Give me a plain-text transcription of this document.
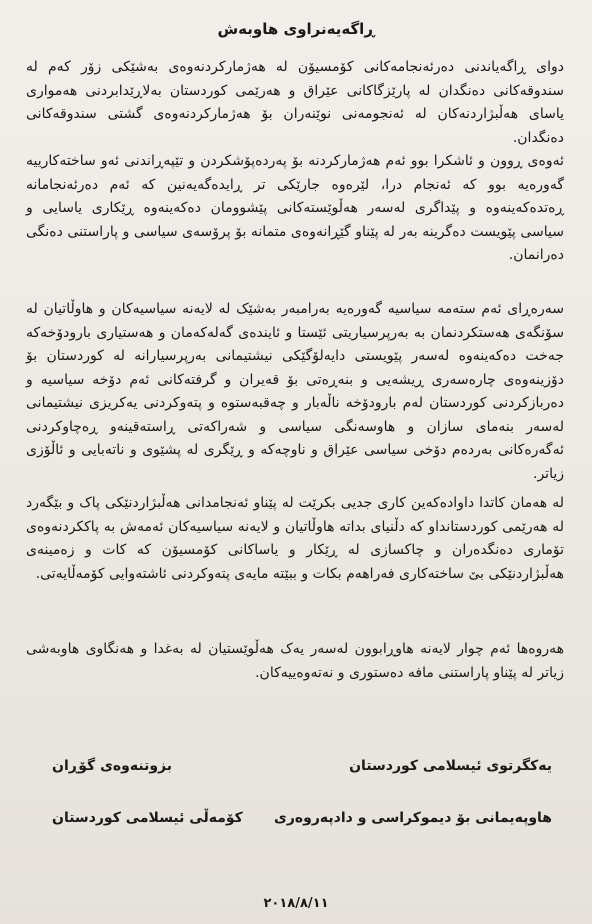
ڕاگەیەنراوی هاوبەش

دوای ڕاگەیاندنی دەرئەنجامەکانی کۆمسیۆن لە هەژمارکردنەوەی بەشێکی زۆر کەم لە سندوقەکانی دەنگدان لە پارێزگاکانی عێراق و هەرێمی کوردستان بەلاڕێدابردنی هەمواری یاسای هەڵبژاردنەکان لە ئەنجومەنی نوێنەران بۆ هەژمارکردنەوەی گشتی سندوقەکانی دەنگدان.

ئەوەی ڕوون و ئاشکرا بوو ئەم هەژمارکردنە بۆ پەردەپۆشکردن و تێپەڕاندنی ئەو ساختەکارییە گەورەیە بوو کە ئەنجام درا، لێرەوە جارێکی تر ڕایدەگەیەنین کە ئەم دەرئەنجامانە ڕەتدەکەینەوە و پێداگری لەسەر هەڵوێستەکانی پێشوومان دەکەینەوە ڕێکاری یاسایی و سیاسی پێویست دەگرینە بەر لە پێناو گێڕانەوەی متمانە بۆ پرۆسەی سیاسی و پاراستنی دەنگی دەرانمان.

سەرەڕای ئەم ستەمە سیاسیە گەورەیە بەرامبەر بەشێک لە لایەنە سیاسیەکان و هاوڵاتیان لە سۆنگەی هەستکردنمان بە بەرپرسیاریتی ئێستا و ئایندەی گەلەکەمان و هەستیاری بارودۆخەکە جەخت دەکەینەوە لەسەر پێویستی دایەلۆگێکی نیشتیمانی بەرپرسیارانە لە کوردستان بۆ دۆزینەوەی چارەسەری ڕیشەیی و بنەڕەتی بۆ قەیران و گرفتەکانی ئەم دۆخە سیاسیە و دەربازکردنی کوردستان لەم بارودۆخە ناڵەبار و چەقبەستوە و پتەوکردنی یەکریزی نیشتیمانی لەسەر بنەمای سازان و هاوسەنگی سیاسی و شەراکەتی ڕاستەقینەو ڕەچاوکردنی ئەگەرەکانی بەردەم دۆخی سیاسی عێراق و ناوچەکە و ڕێگری لە پشێوی و ناتەبایی و ئاڵۆزی زیاتر.

لە هەمان کاتدا داوادەکەین کاری جدیی بکرێت لە پێناو ئەنجامدانی هەڵبژاردنێکی پاک و بێگەرد لە هەرێمی کوردستانداو کە دڵنیای بداتە هاوڵاتیان و لایەنە سیاسیەکان ئەمەش بە پاککردنەوەی تۆماری دەنگدەران و چاکسازی لە ڕێکار و یاساکانی کۆمسیۆن کە کات و زەمینەی هەڵبژاردنێکی بێ ساختەکاری فەراهەم بکات و ببێتە مایەی پتەوکردنی ئاشتەوایی کۆمەڵایەتی.

هەروەها ئەم چوار لایەنە هاوڕابوون لەسەر یەک هەڵوێستیان لە بەغدا و هەنگاوی هاوبەشی زیاتر لە پێناو پاراستنی مافە دەستوری و نەتەوەییەکان.

یەکگرتوی ئیسلامی کوردستان
بزوتنەوەی گۆڕان
هاوپەیمانی بۆ دیموکراسی و دادپەروەری
کۆمەڵی ئیسلامی کوردستان
٢٠١٨/٨/١١
